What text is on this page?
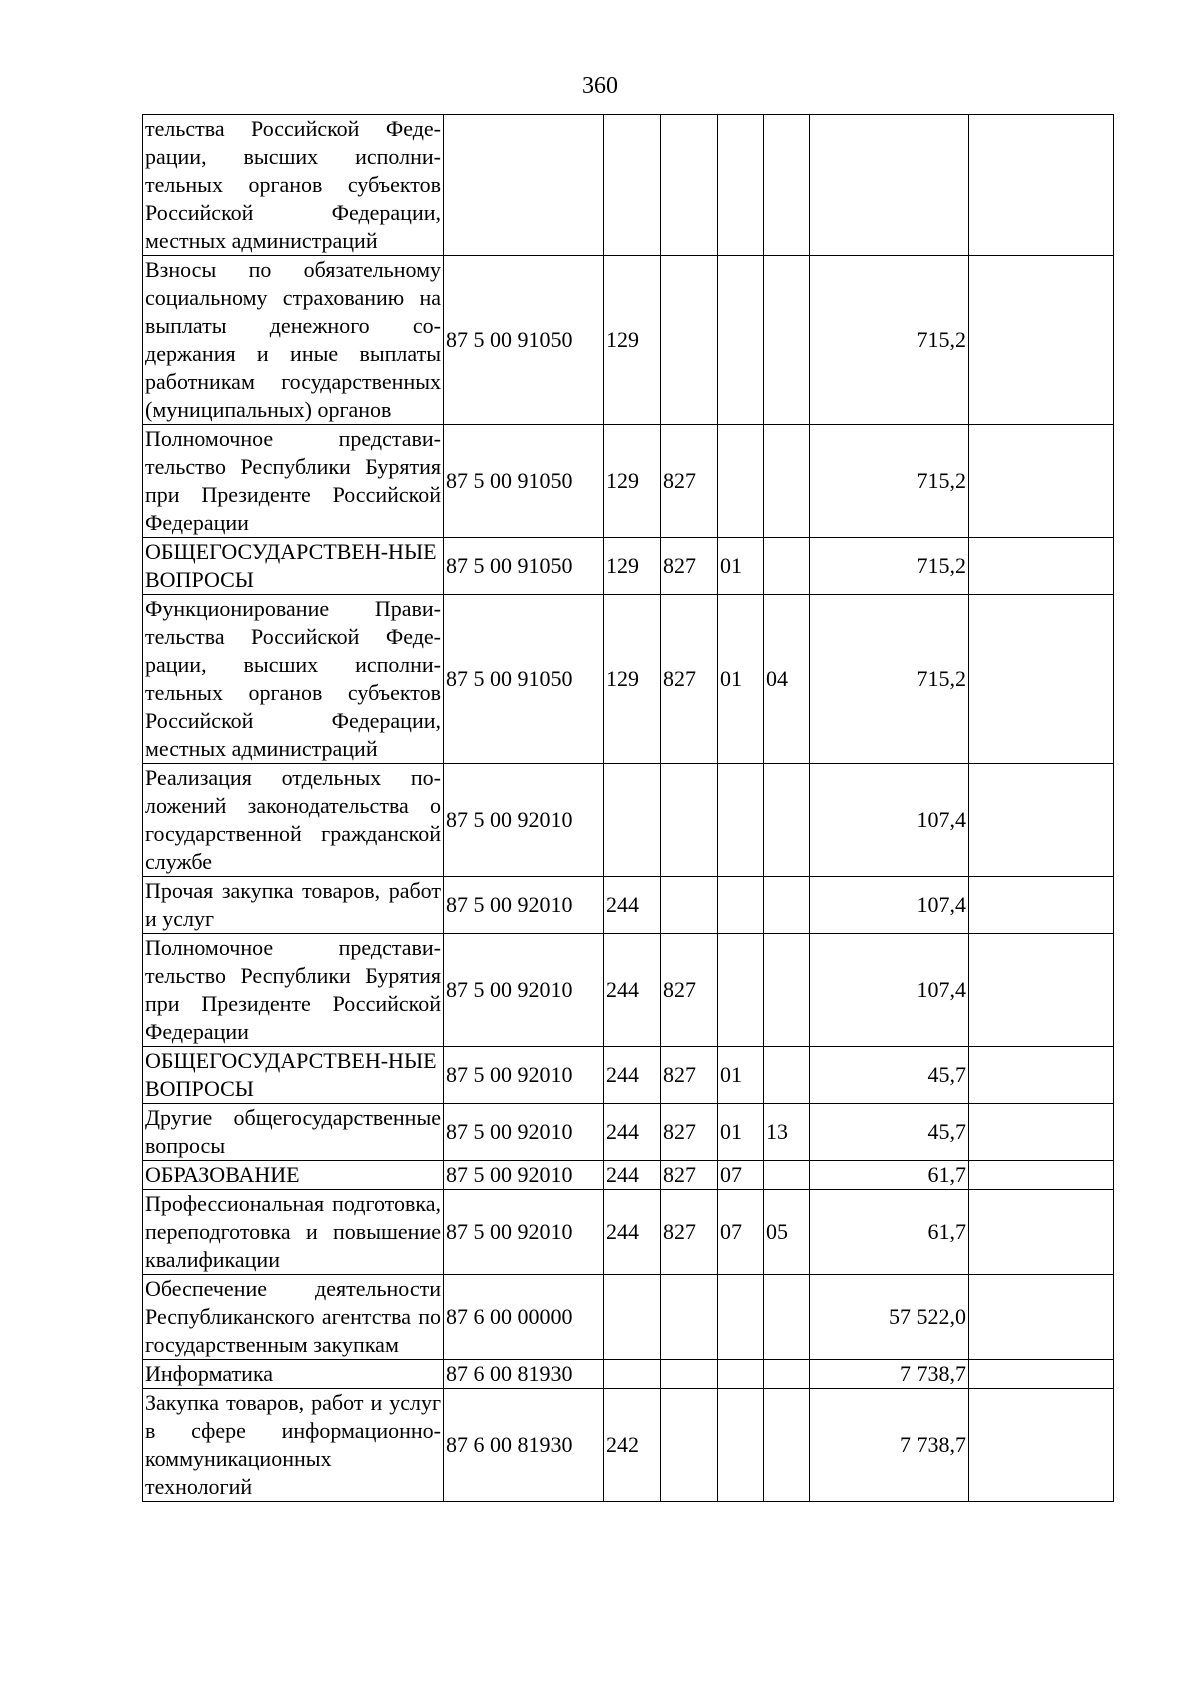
360
тельства Российской Федерации, высших исполнительных органов субъектов Российской Федерации, местных администраций							
Взносы по обязательному социальному страхованию на выплаты денежного содержания и иные выплаты работникам государственных (муниципальных) органов	87 5 00 91050	129				715,2	
Полномочное представительство Республики Бурятия при Президенте Российской Федерации	87 5 00 91050	129	827			715,2	
ОБЩЕГОСУДАРСТВЕН-НЫЕ ВОПРОСЫ	87 5 00 91050	129	827	01		715,2	
Функционирование Правительства Российской Федерации, высших исполнительных органов субъектов Российской Федерации, местных администраций	87 5 00 91050	129	827	01	04	715,2	
Реализация отдельных положений законодательства о государственной гражданской службе	87 5 00 92010					107,4	
Прочая закупка товаров, работ и услуг	87 5 00 92010	244				107,4	
Полномочное представительство Республики Бурятия при Президенте Российской Федерации	87 5 00 92010	244	827			107,4	
ОБЩЕГОСУДАРСТВЕН-НЫЕ ВОПРОСЫ	87 5 00 92010	244	827	01		45,7	
Другие общегосударственные вопросы	87 5 00 92010	244	827	01	13	45,7	
ОБРАЗОВАНИЕ	87 5 00 92010	244	827	07		61,7	
Профессиональная подготовка, переподготовка и повышение квалификации	87 5 00 92010	244	827	07	05	61,7	
Обеспечение деятельности Республиканского агентства по государственным закупкам	87 6 00 00000					57 522,0	
Информатика	87 6 00 81930					7 738,7	
Закупка товаров, работ и услуг в сфере информационно-коммуникационных технологий	87 6 00 81930	242				7 738,7	
